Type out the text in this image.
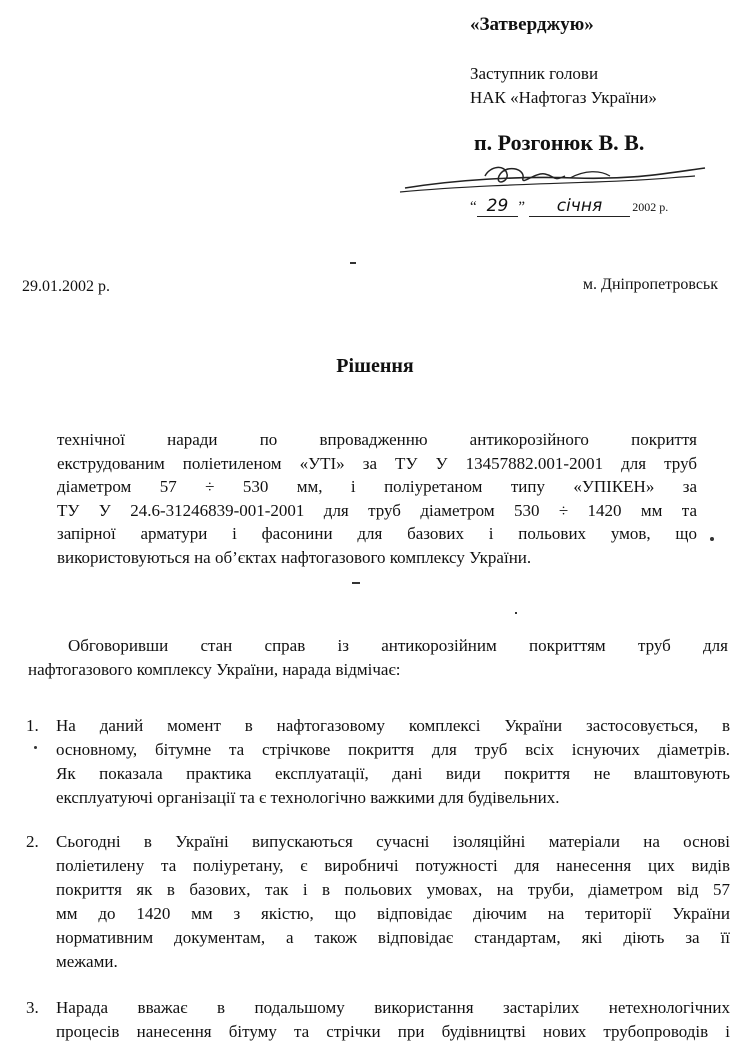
«Затверджую»

Заступник голови

НАК «Нафтогаз України»

п. Розгонюк В. В.
“ 29 ” січня	2002 р.
29.01.2002 р.	м. Дніпропетровськ
Рішення
технічної наради по впровадженню антикорозійного покриття
екструдованим поліетиленом «УТІ» за ТУ У 13457882.001-2001 для труб
діаметром 57 ÷ 530 мм, і поліуретаном типу «УПІКЕН» за
ТУ У 24.6-31246839-001-2001 для труб діаметром 530 ÷ 1420 мм та
запірної арматури і фасонини для базових і польових умов, що
використовуються на об’єктах нафтогазового комплексу України.
Обговоривши стан справ із антикорозійним покриттям труб для
нафтогазового комплексу України, нарада відмічає:
1. На даний момент в нафтогазовому комплексі України застосовується, в
основному, бітумне та стрічкове покриття для труб всіх існуючих діаметрів.
Як показала практика експлуатації, дані види покриття не влаштовують
експлуатуючі організації та є технологічно важкими для будівельних.
2. Сьогодні в Україні випускаються сучасні ізоляційні матеріали на основі
поліетилену та поліуретану, є виробничі потужності для нанесення цих видів
покриття як в базових, так і в польових умовах, на труби, діаметром від 57
мм до 1420 мм з якістю, що відповідає діючим на території України
нормативним документам, а також відповідає стандартам, які діють за її
межами.
3. Нарада вважає в подальшому використання застарілих нетехнологічних
процесів нанесення бітуму та стрічки при будівництві нових трубопроводів і
